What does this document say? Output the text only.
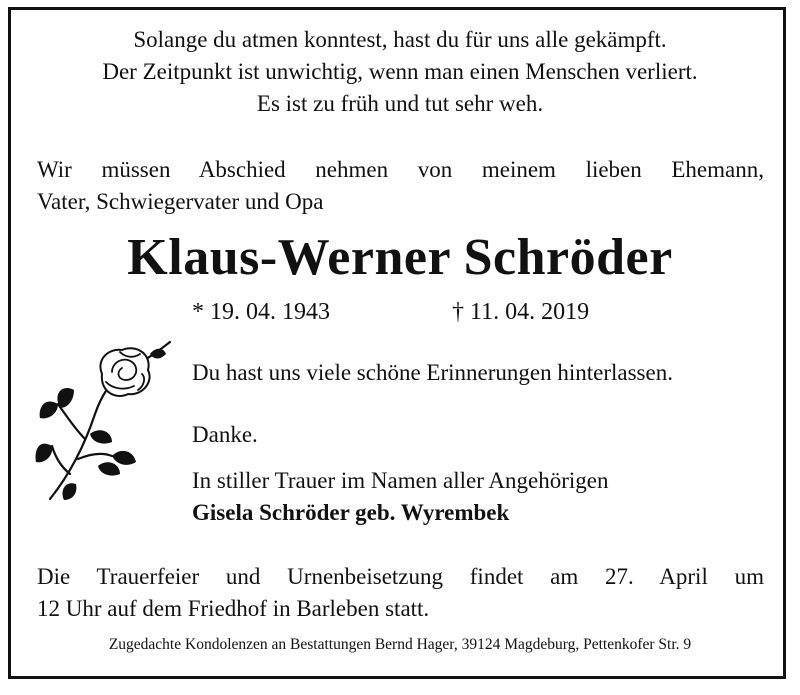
Solange du atmen konntest, hast du für uns alle gekämpft.
Der Zeitpunkt ist unwichtig, wenn man einen Menschen verliert.
Es ist zu früh und tut sehr weh.
Wir müssen Abschied nehmen von meinem lieben Ehemann,
Vater, Schwiegervater und Opa
Klaus-Werner Schröder
* 19. 04. 1943	† 11. 04. 2019
Du hast uns viele schöne Erinnerungen hinterlassen.
Danke.
In stiller Trauer im Namen aller Angehörigen
Gisela Schröder geb. Wyrembek
Die Trauerfeier und Urnenbeisetzung findet am 27. April um
12 Uhr auf dem Friedhof in Barleben statt.
Zugedachte Kondolenzen an Bestattungen Bernd Hager, 39124 Magdeburg, Pettenkofer Str. 9
